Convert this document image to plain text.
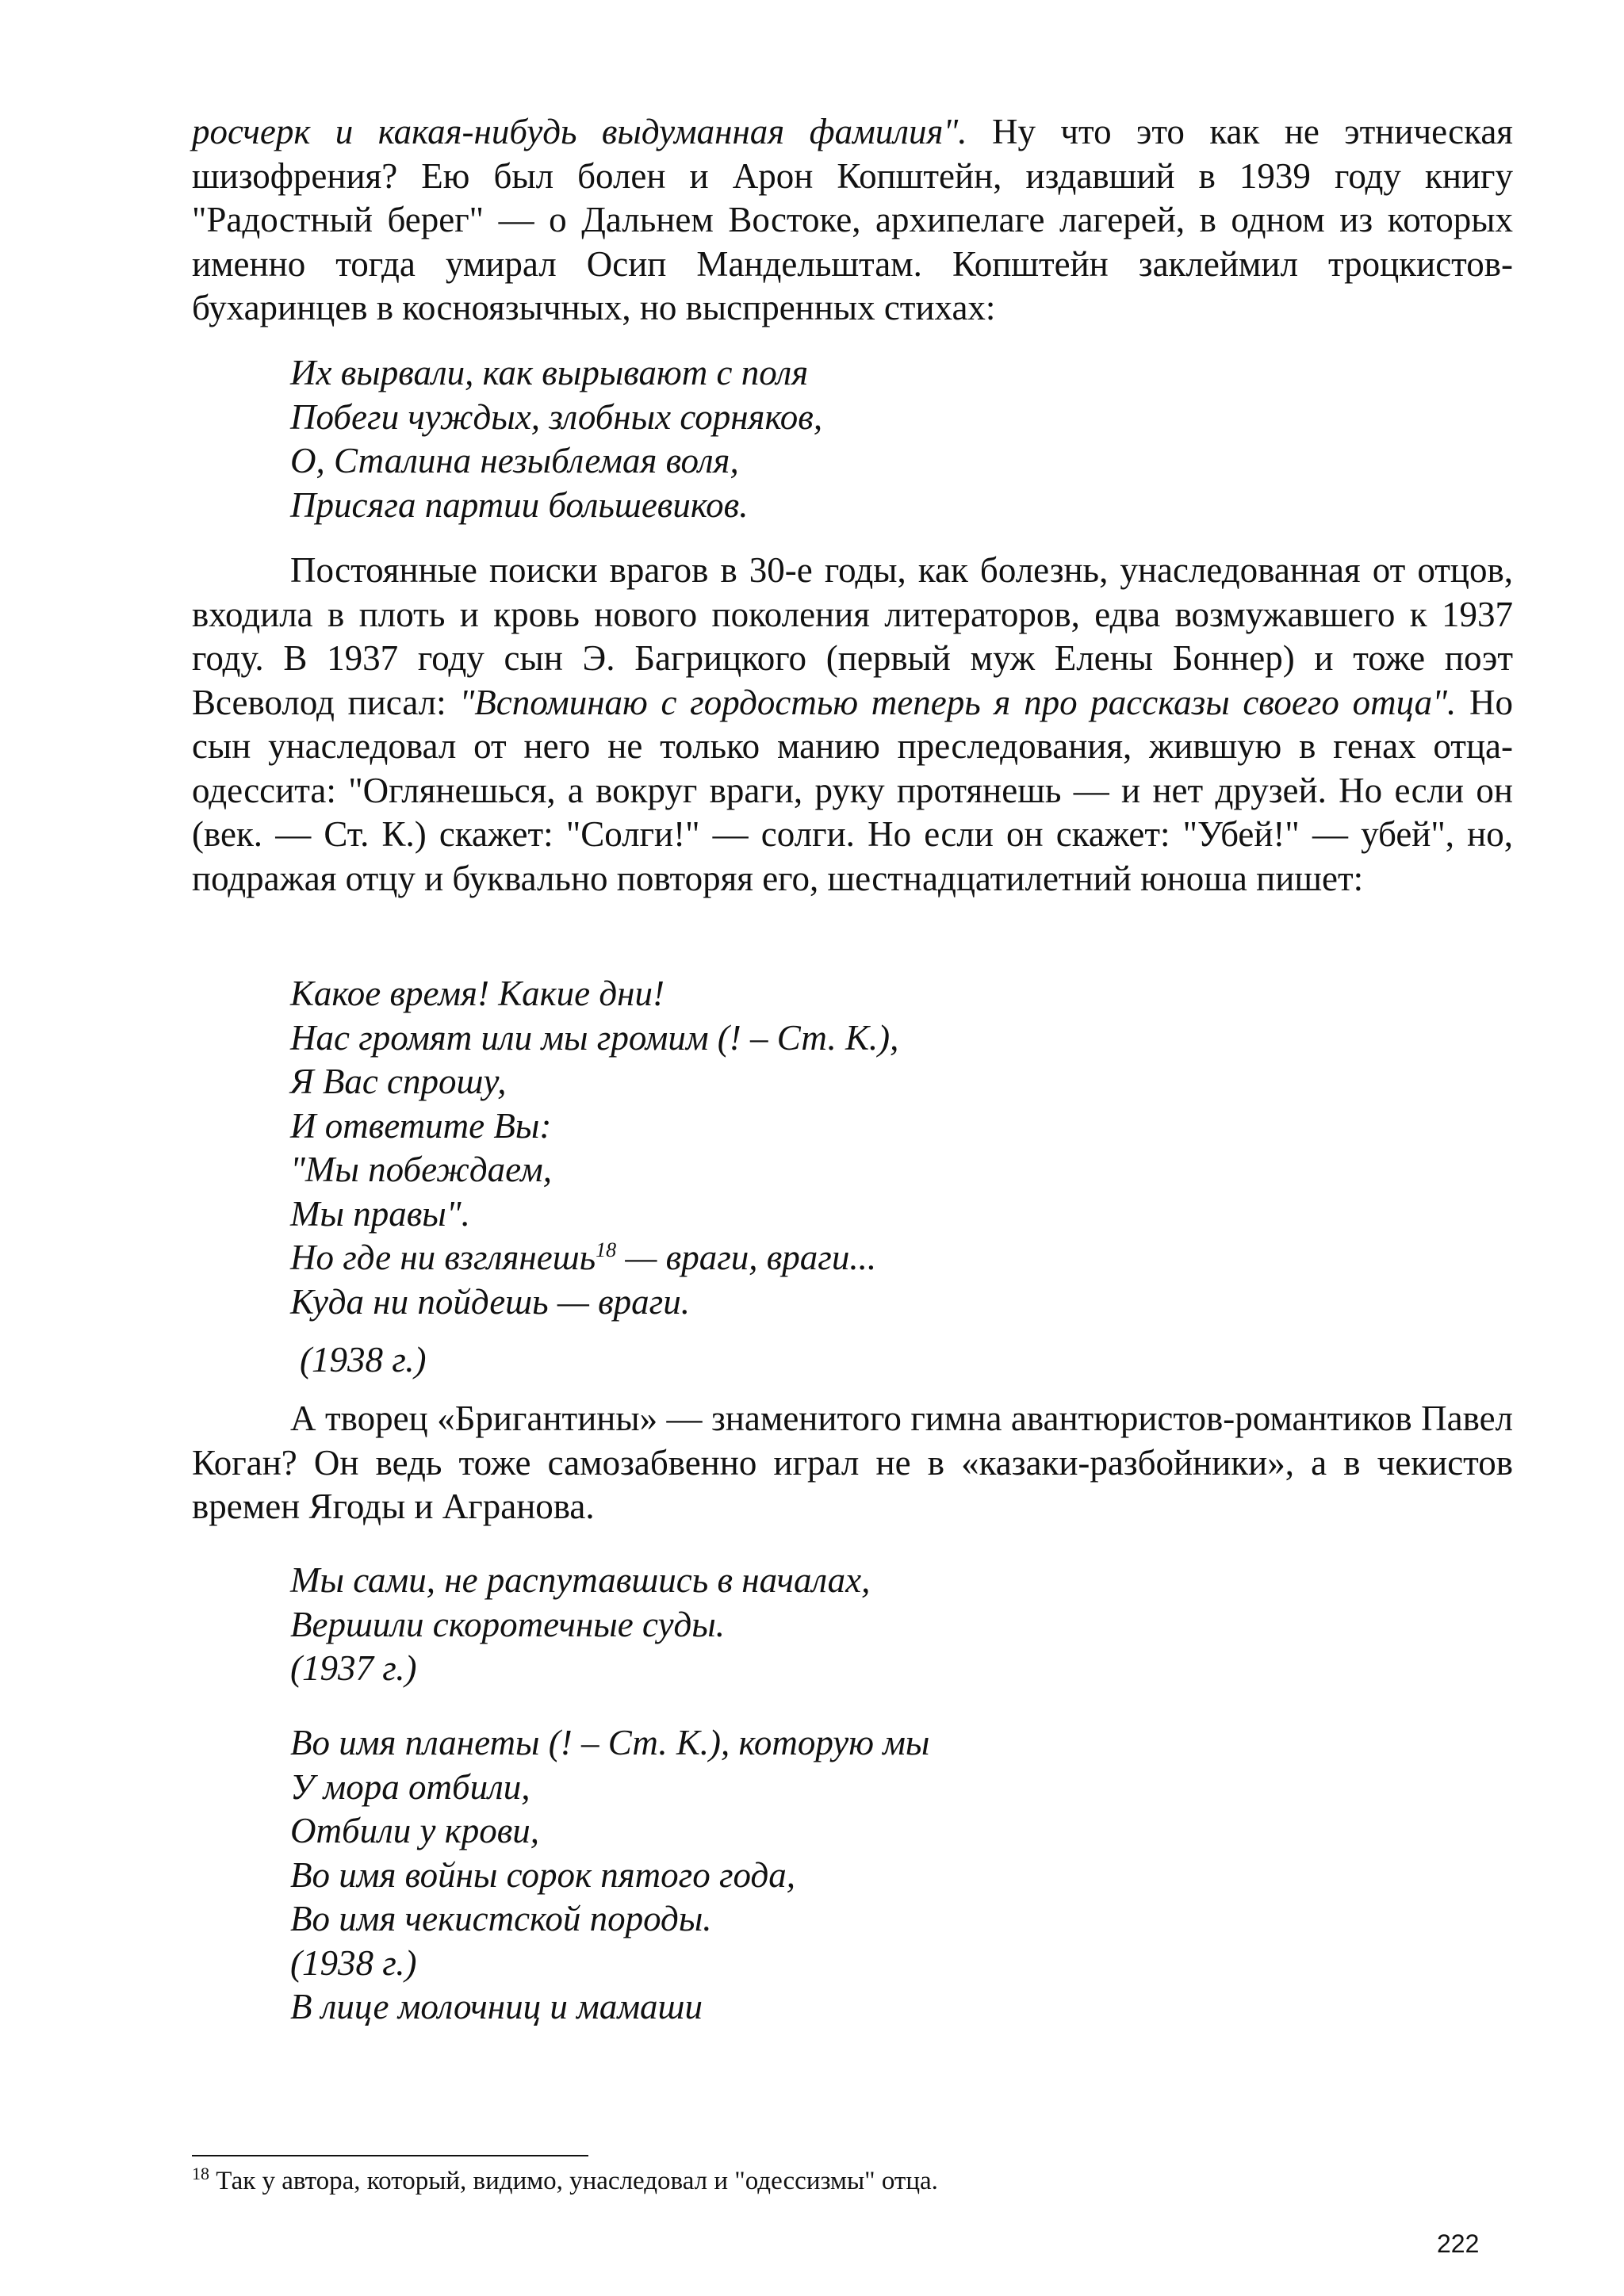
росчерк и какая-нибудь выдуманная фамилия". Ну что это как не этническая шизофрения? Ею был болен и Арон Копштейн, издавший в 1939 году книгу "Радостный берег" — о Дальнем Востоке, архипелаге лагерей, в одном из которых именно тогда умирал Осип Мандельштам. Копштейн заклеймил троцкистов-бухаринцев в косноязычных, но выспренных стихах:

Их вырвали, как вырывают с поля
Побеги чуждых, злобных сорняков,
О, Сталина незыблемая воля,
Присяга партии большевиков.

Постоянные поиски врагов в 30-е годы, как болезнь, унаследованная от отцов, входила в плоть и кровь нового поколения литераторов, едва возмужавшего к 1937 году. В 1937 году сын Э. Багрицкого (первый муж Елены Боннер) и тоже поэт Всеволод писал: "Вспоминаю с гордостью теперь я про рассказы своего отца". Но сын унаследовал от него не только манию преследования, жившую в генах отца-одессита: "Оглянешься, а вокруг враги, руку протянешь — и нет друзей. Но если он (век. — Ст. К.) скажет: "Солги!" — солги. Но если он скажет: "Убей!" — убей", но, подражая отцу и буквально повторяя его, шестнадцатилетний юноша пишет:

Какое время! Какие дни!
Нас громят или мы громим (! – Ст. К.),
Я Вас спрошу,
И ответите Вы:
"Мы побеждаем,
Мы правы".
Но где ни взглянешь$^{18}$ — враги, враги...
Куда ни пойдешь — враги.
(1938 г.)

А творец «Бригантины» — знаменитого гимна авантюристов-романтиков Павел Коган? Он ведь тоже самозабвенно играл не в «казаки-разбойники», а в чекистов времен Ягоды и Агранова.

Мы сами, не распутавшись в началах,
Вершили скоротечные суды.
(1937 г.)
Во имя планеты (! – Ст. К.), которую мы
У мора отбили,
Отбили у крови,
Во имя войны сорок пятого года,
Во имя чекистской породы.
(1938 г.)
В лице молочниц и мамаши
$^{18}$ Так у автора, который, видимо, унаследовал и "одессизмы" отца.
222
